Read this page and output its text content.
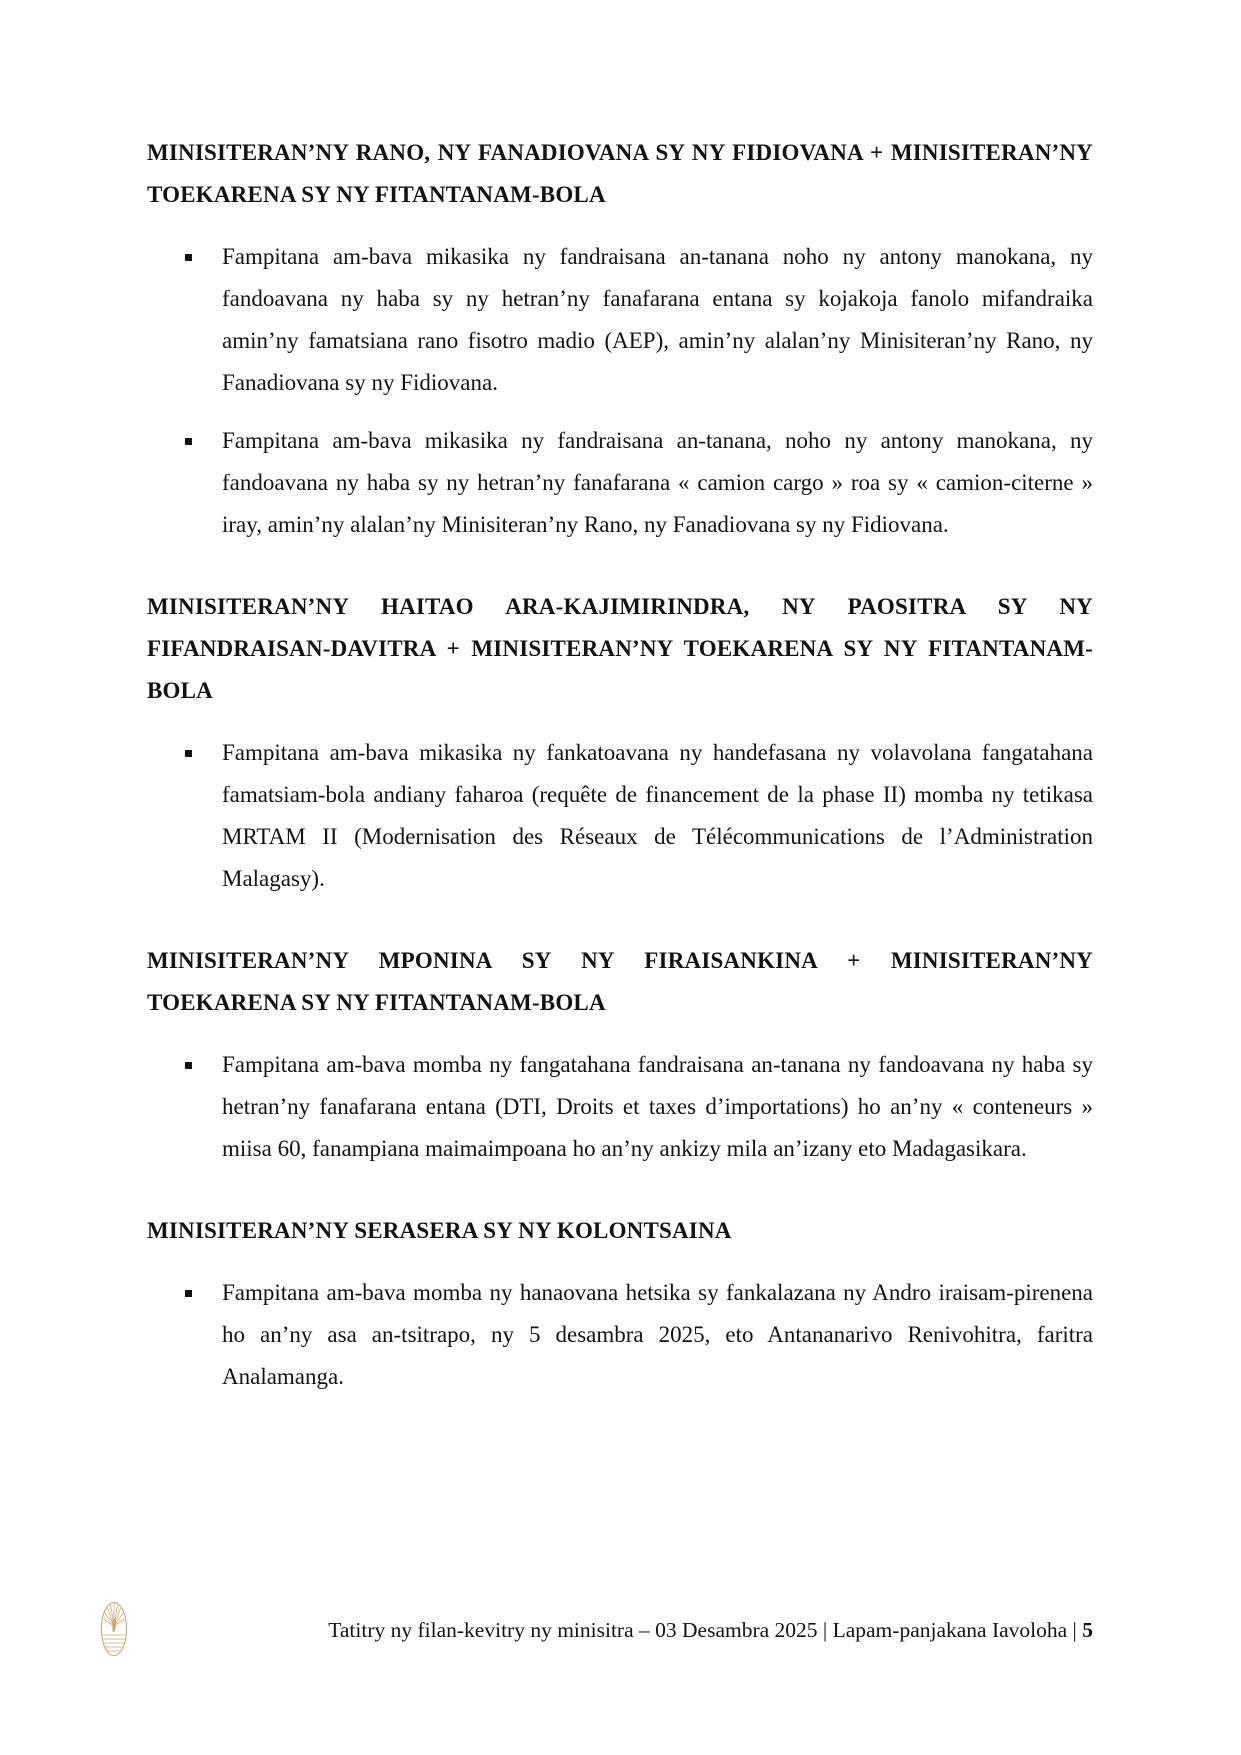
MINISITERAN’NY RANO, NY FANADIOVANA SY NY FIDIOVANA + MINISITERAN’NY TOEKARENA SY NY FITANTANAM-BOLA
Fampitana am-bava mikasika ny fandraisana an-tanana noho ny antony manokana, ny fandoavana ny haba sy ny hetran’ny fanafarana entana sy kojakoja fanolo mifandraika amin’ny famatsiana rano fisotro madio (AEP), amin’ny alalan’ny Minisiteran’ny Rano, ny Fanadiovana sy ny Fidiovana.
Fampitana am-bava mikasika ny fandraisana an-tanana, noho ny antony manokana, ny fandoavana ny haba sy ny hetran’ny fanafarana « camion cargo » roa sy « camion-citerne » iray, amin’ny alalan’ny Minisiteran’ny Rano, ny Fanadiovana sy ny Fidiovana.
MINISITERAN’NY HAITAO ARA-KAJIMIRINDRA, NY PAOSITRA SY NY FIFANDRAISAN-DAVITRA + MINISITERAN’NY TOEKARENA SY NY FITANTANAM-BOLA
Fampitana am-bava mikasika ny fankatoavana ny handefasana ny volavolana fangatahana famatsiam-bola andiany faharoa (requête de financement de la phase II) momba ny tetikasa MRTAM II (Modernisation des Réseaux de Télécommunications de l’Administration Malagasy).
MINISITERAN’NY MPONINA SY NY FIRAISANKINA + MINISITERAN’NY TOEKARENA SY NY FITANTANAM-BOLA
Fampitana am-bava momba ny fangatahana fandraisana an-tanana ny fandoavana ny haba sy hetran’ny fanafarana entana (DTI, Droits et taxes d’importations) ho an’ny « conteneurs » miisa 60, fanampiana maimaimpoana ho an’ny ankizy mila an’izany eto Madagasikara.
MINISITERAN’NY SERASERA SY NY KOLONTSAINA
Fampitana am-bava momba ny hanaovana hetsika sy fankalazana ny Andro iraisam-pirenena ho an’ny asa an-tsitrapo, ny 5 desambra 2025, eto Antananarivo Renivohitra, faritra Analamanga.
Tatitry ny filan-kevitry ny minisitra – 03 Desambra 2025 | Lapam-panjakana Iavoloha | 5
